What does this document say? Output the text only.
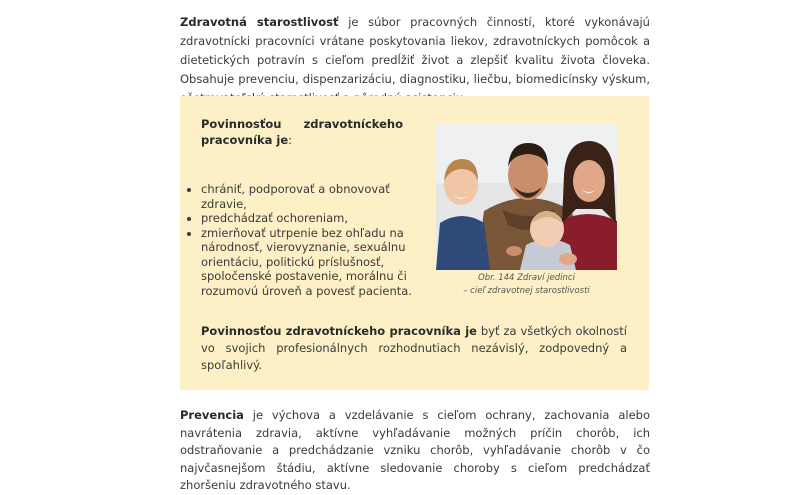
Zdravotná starostlivosť je súbor pracovných činností, ktoré vykonávajú zdravotnícki pracovníci vrátane poskytovania liekov, zdravotníckych pomôcok a dietetických potravín s cieľom predĺžiť život a zlepšiť kvalitu života človeka. Obsahuje prevenciu, dispenzarizáciu, diagnostiku, liečbu, biomedicínsky výskum,

Povinnosťou zdravotníckeho
pracovníka je:
• chrániť, podporovať a obnovovať zdravie,
• predchádzať ochoreniam,
• zmierňovať utrpenie bez ohľadu na národnosť, vierovyznanie, sexuálnu orientáciu, politickú príslušnosť, spoločenské postavenie, morálnu či rozumovú úroveň a povesť pacienta.
Obr. 144 Zdraví jedinci
– cieľ zdravotnej starostlivosti

Povinnosťou zdravotníckeho pracovníka je byť za všetkých okolností vo svojich profesionálnych rozhodnutiach nezávislý, zodpovedný a spoľahlivý.

Prevencia je výchova a vzdelávanie s cieľom ochrany, zachovania alebo navrátenia zdravia, aktívne vyhľadávanie možných príčin chorôb, ich odstraňovanie a predchádzanie vzniku chorôb, vyhľadávanie chorôb v čo najvčasnejšom štádiu, aktívne sledovanie choroby s cieľom predchádzať zhoršeniu zdravotného stavu.
